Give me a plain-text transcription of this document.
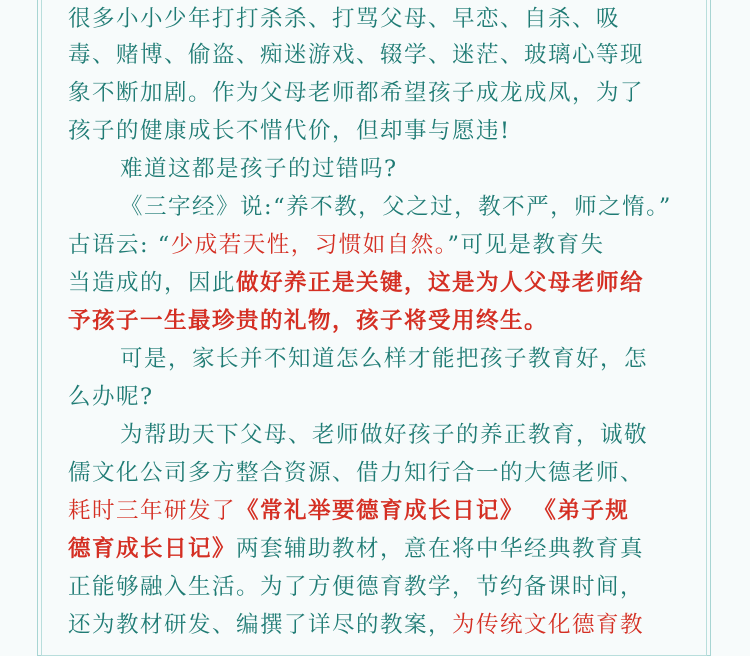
很多小小少年打打杀杀、打骂父母、早恋、自杀、吸
毒、赌博、偷盗、痴迷游戏、辍学、迷茫、玻璃心等现
象不断加剧。作为父母老师都希望孩子成龙成凤，为了
孩子的健康成长不惜代价，但却事与愿违!
难道这都是孩子的过错吗?
《三字经》说:“养不教，父之过，教不严，师之惰。”
古语云: “少成若天性，习惯如自然。”可见是教育失
当造成的，因此做好养正是关键，这是为人父母老师给
予孩子一生最珍贵的礼物，孩子将受用终生。
可是，家长并不知道怎么样才能把孩子教育好，怎
么办呢?
为帮助天下父母、老师做好孩子的养正教育，诚敬
儒文化公司多方整合资源、借力知行合一的大德老师、
耗时三年研发了《常礼举要德育成长日记》 《弟子规
德育成长日记》两套辅助教材，意在将中华经典教育真
正能够融入生活。为了方便德育教学，节约备课时间，
还为教材研发、编撰了详尽的教案，为传统文化德育教
